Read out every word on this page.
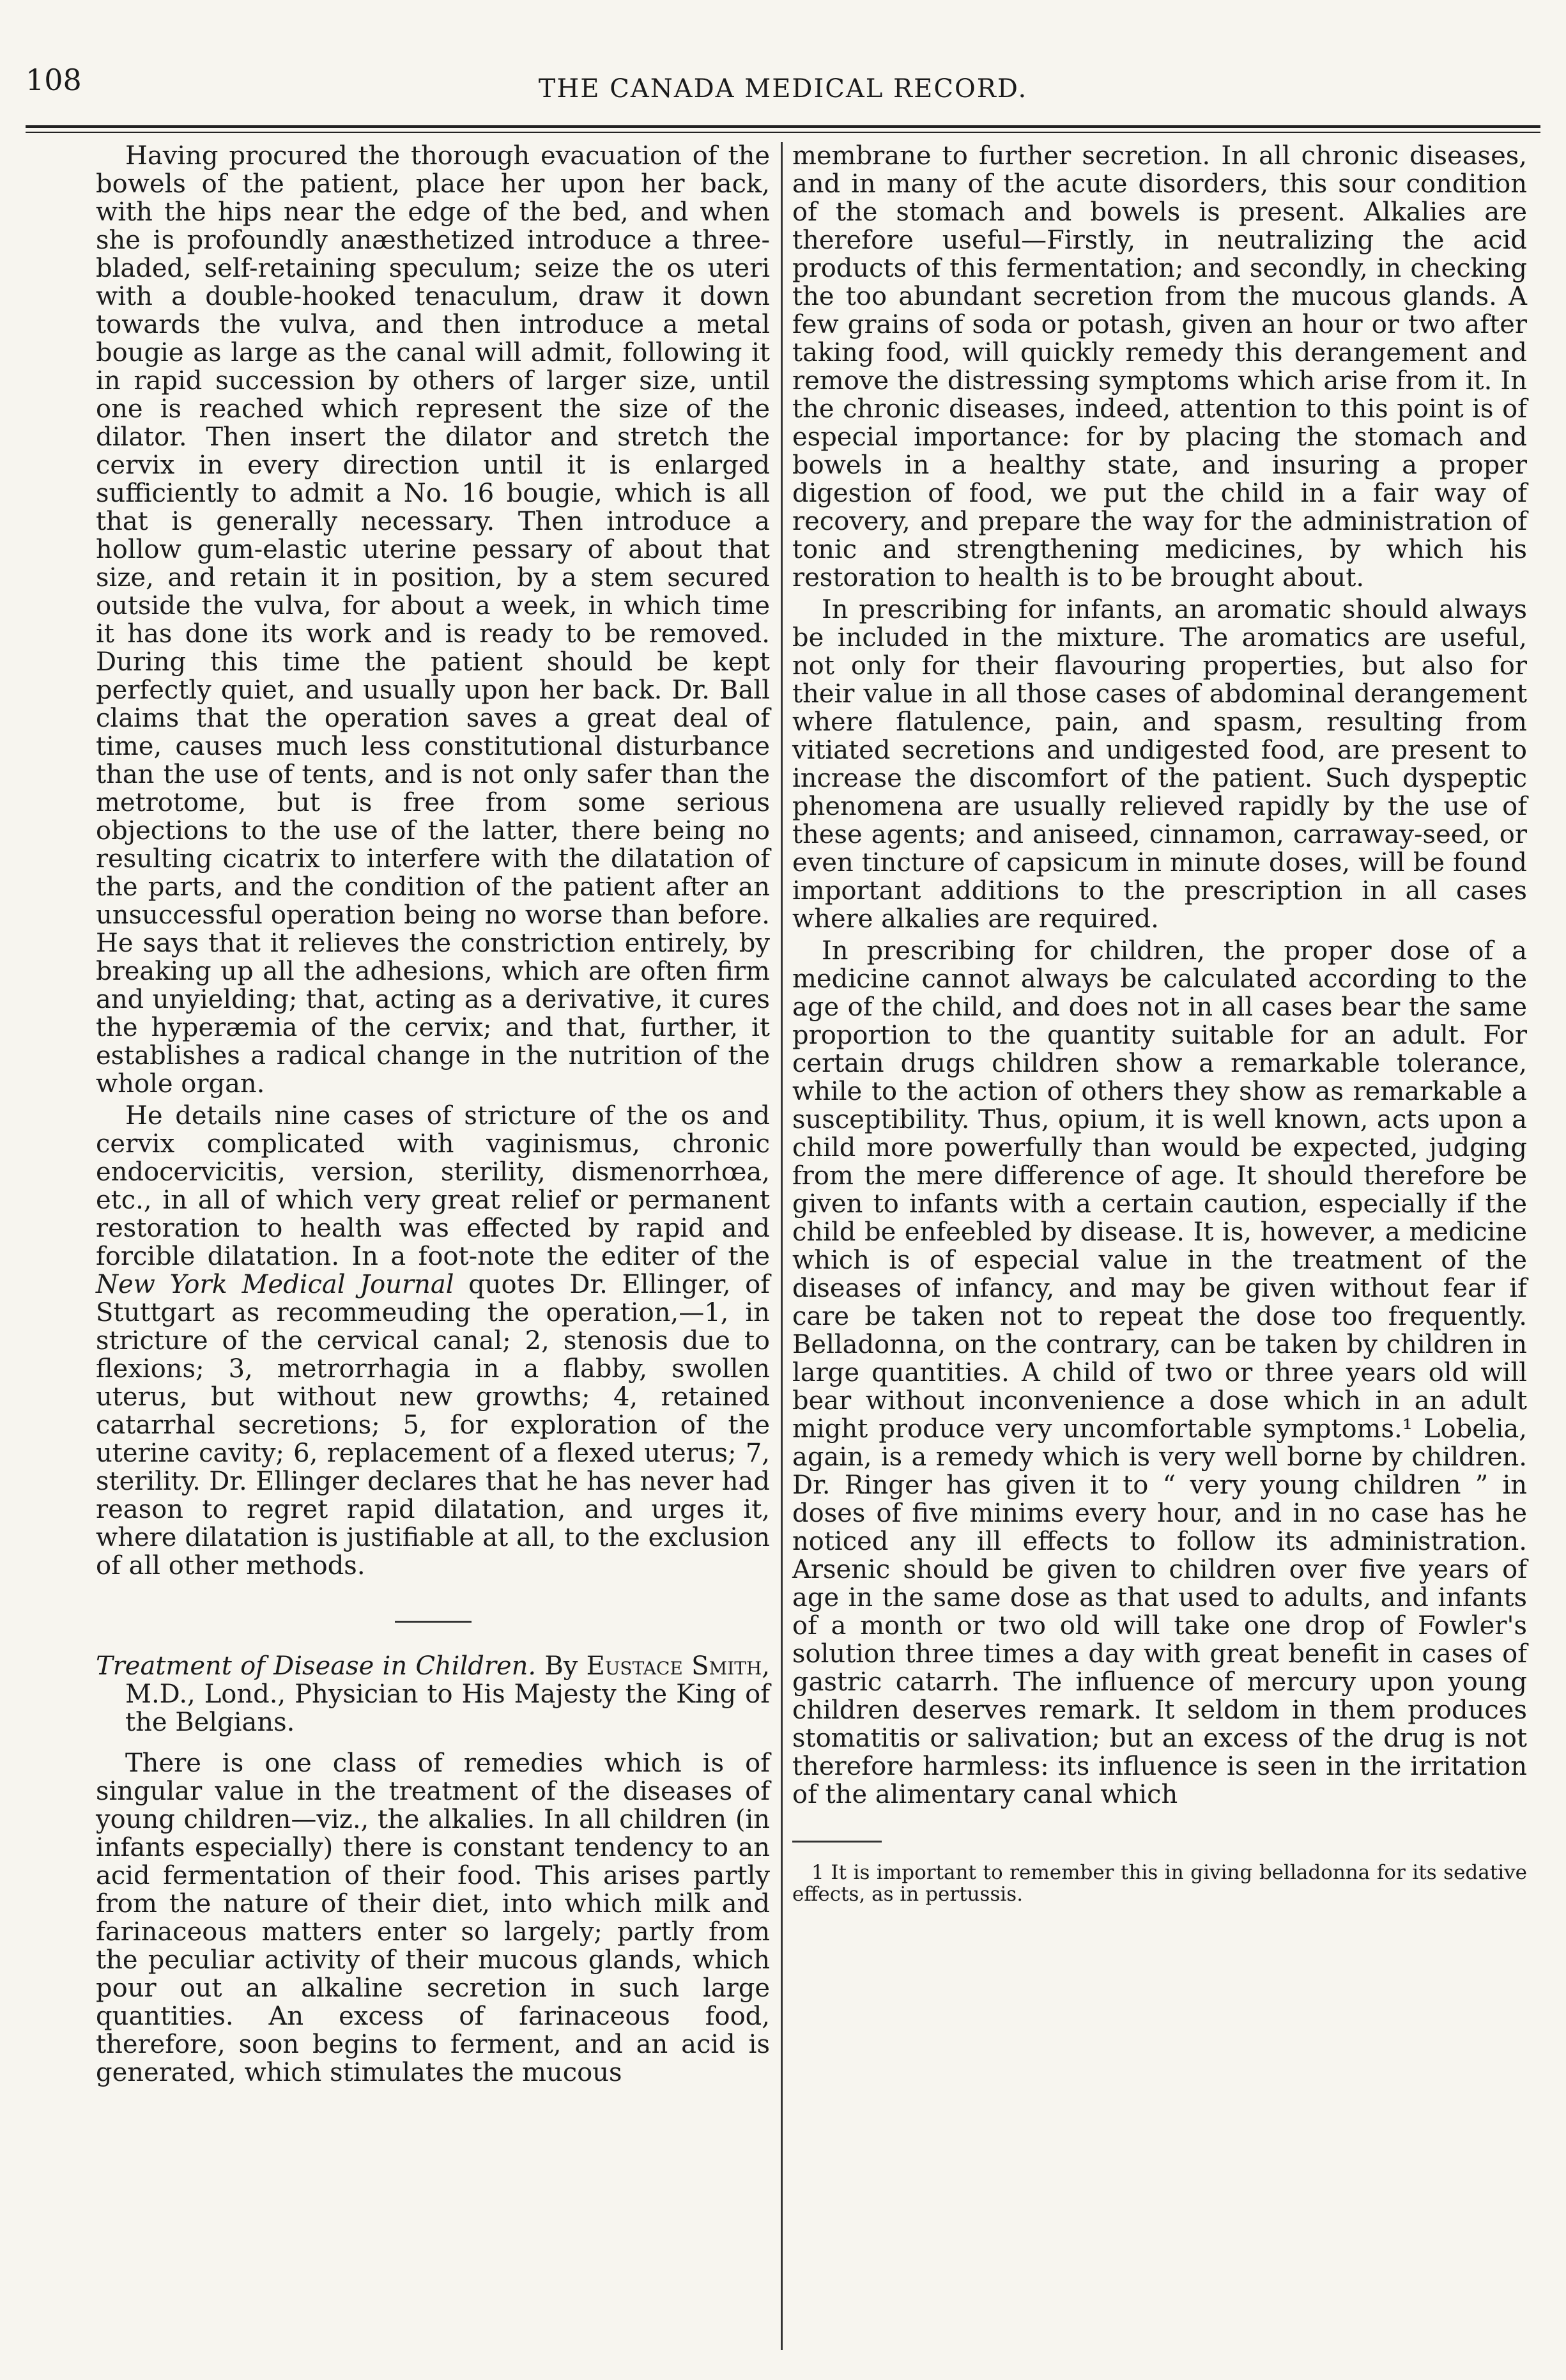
108	THE CANADA MEDICAL RECORD.

Having procured the thorough evacuation of the bowels of the patient, place her upon her back, with the hips near the edge of the bed, and when she is profoundly anæsthetized introduce a three-bladed, self-retaining speculum; seize the os uteri with a double-hooked tenaculum, draw it down towards the vulva, and then introduce a metal bougie as large as the canal will admit, following it in rapid succession by others of larger size, until one is reached which represent the size of the dilator. Then insert the dilator and stretch the cervix in every direction until it is enlarged sufficiently to admit a No. 16 bougie, which is all that is generally necessary. Then introduce a hollow gum-elastic uterine pessary of about that size, and retain it in position, by a stem secured outside the vulva, for about a week, in which time it has done its work and is ready to be removed. During this time the patient should be kept perfectly quiet, and usually upon her back. Dr. Ball claims that the operation saves a great deal of time, causes much less constitutional disturbance than the use of tents, and is not only safer than the metrotome, but is free from some serious objections to the use of the latter, there being no resulting cicatrix to interfere with the dilatation of the parts, and the condition of the patient after an unsuccessful operation being no worse than before. He says that it relieves the constriction entirely, by breaking up all the adhesions, which are often firm and unyielding; that, acting as a derivative, it cures the hyperæmia of the cervix; and that, further, it establishes a radical change in the nutrition of the whole organ.

He details nine cases of stricture of the os and cervix complicated with vaginismus, chronic endocervicitis, version, sterility, dismenorrhœa, etc., in all of which very great relief or permanent restoration to health was effected by rapid and forcible dilatation. In a foot-note the editer of the New York Medical Journal quotes Dr. Ellinger, of Stuttgart as recommeuding the operation,—1, in stricture of the cervical canal; 2, stenosis due to flexions; 3, metrorrhagia in a flabby, swollen uterus, but without new growths; 4, retained catarrhal secretions; 5, for exploration of the uterine cavity; 6, replacement of a flexed uterus; 7, sterility. Dr. Ellinger declares that he has never had reason to regret rapid dilatation, and urges it, where dilatation is justifiable at all, to the exclusion of all other methods.

Treatment of Disease in Children. By Eustace Smith, M.D., Lond., Physician to His Majesty the King of the Belgians.

There is one class of remedies which is of singular value in the treatment of the diseases of young children—viz., the alkalies. In all children (in infants especially) there is constant tendency to an acid fermentation of their food. This arises partly from the nature of their diet, into which milk and farinaceous matters enter so largely; partly from the peculiar activity of their mucous glands, which pour out an alkaline secretion in such large quantities. An excess of farinaceous food, therefore, soon begins to ferment, and an acid is generated, which stimulates the mucous

membrane to further secretion. In all chronic diseases, and in many of the acute disorders, this sour condition of the stomach and bowels is present. Alkalies are therefore useful—Firstly, in neutralizing the acid products of this fermentation; and secondly, in checking the too abundant secretion from the mucous glands. A few grains of soda or potash, given an hour or two after taking food, will quickly remedy this derangement and remove the distressing symptoms which arise from it. In the chronic diseases, indeed, attention to this point is of especial importance: for by placing the stomach and bowels in a healthy state, and insuring a proper digestion of food, we put the child in a fair way of recovery, and prepare the way for the administration of tonic and strengthening medicines, by which his restoration to health is to be brought about.

In prescribing for infants, an aromatic should always be included in the mixture. The aromatics are useful, not only for their flavouring properties, but also for their value in all those cases of abdominal derangement where flatulence, pain, and spasm, resulting from vitiated secretions and undigested food, are present to increase the discomfort of the patient. Such dyspeptic phenomena are usually relieved rapidly by the use of these agents; and aniseed, cinnamon, carraway-seed, or even tincture of capsicum in minute doses, will be found important additions to the prescription in all cases where alkalies are required.

In prescribing for children, the proper dose of a medicine cannot always be calculated according to the age of the child, and does not in all cases bear the same proportion to the quantity suitable for an adult. For certain drugs children show a remarkable tolerance, while to the action of others they show as remarkable a susceptibility. Thus, opium, it is well known, acts upon a child more powerfully than would be expected, judging from the mere difference of age. It should therefore be given to infants with a certain caution, especially if the child be enfeebled by disease. It is, however, a medicine which is of especial value in the treatment of the diseases of infancy, and may be given without fear if care be taken not to repeat the dose too frequently. Belladonna, on the contrary, can be taken by children in large quantities. A child of two or three years old will bear without inconvenience a dose which in an adult might produce very uncomfortable symptoms.¹ Lobelia, again, is a remedy which is very well borne by children. Dr. Ringer has given it to “ very young children ” in doses of five minims every hour, and in no case has he noticed any ill effects to follow its administration. Arsenic should be given to children over five years of age in the same dose as that used to adults, and infants of a month or two old will take one drop of Fowler's solution three times a day with great benefit in cases of gastric catarrh. The influence of mercury upon young children deserves remark. It seldom in them produces stomatitis or salivation; but an excess of the drug is not therefore harmless: its influence is seen in the irritation of the alimentary canal which

1 It is important to remember this in giving belladonna for its sedative effects, as in pertussis.
